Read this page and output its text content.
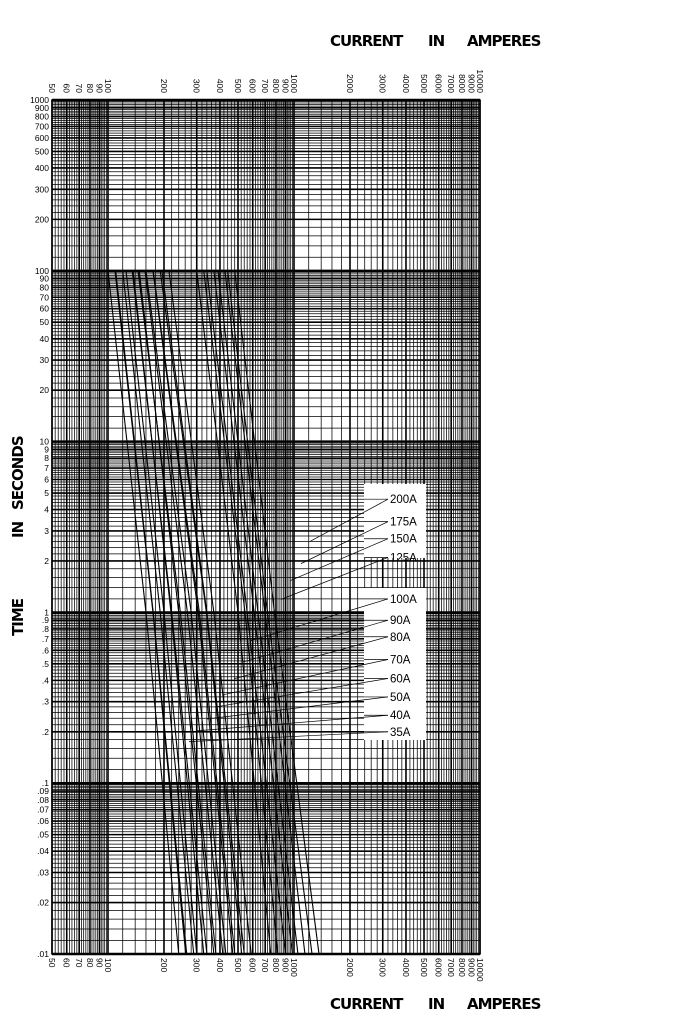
50 60 70 80 90
100	200	300 400 500 600 700 800 900
1000	2000	3000 4000 5000 6000 7000 8000 9000
10000
50 60 70 80 90
100	200	300 400 500 600 700 800 900
1000	2000	3000 4000 5000 6000 7000 8000 9000
10000
1000
900
800
700
600
500
400
300
200
100
90
80
70
60
50
40
30
20
10
9
8
7
6
5
4
3
2
1
.9
.8
.7
.6
.5
.4
.3
.2
.1
.09
.08
.07
.06
.05
.04
.03
.02
.01
35A
40A
50A
60A
70A
80A
90A
100A
125A
150A
175A
200A
CURRENT IN AMPERES
CURRENT IN AMPERES
TIME
IN
SECONDS
